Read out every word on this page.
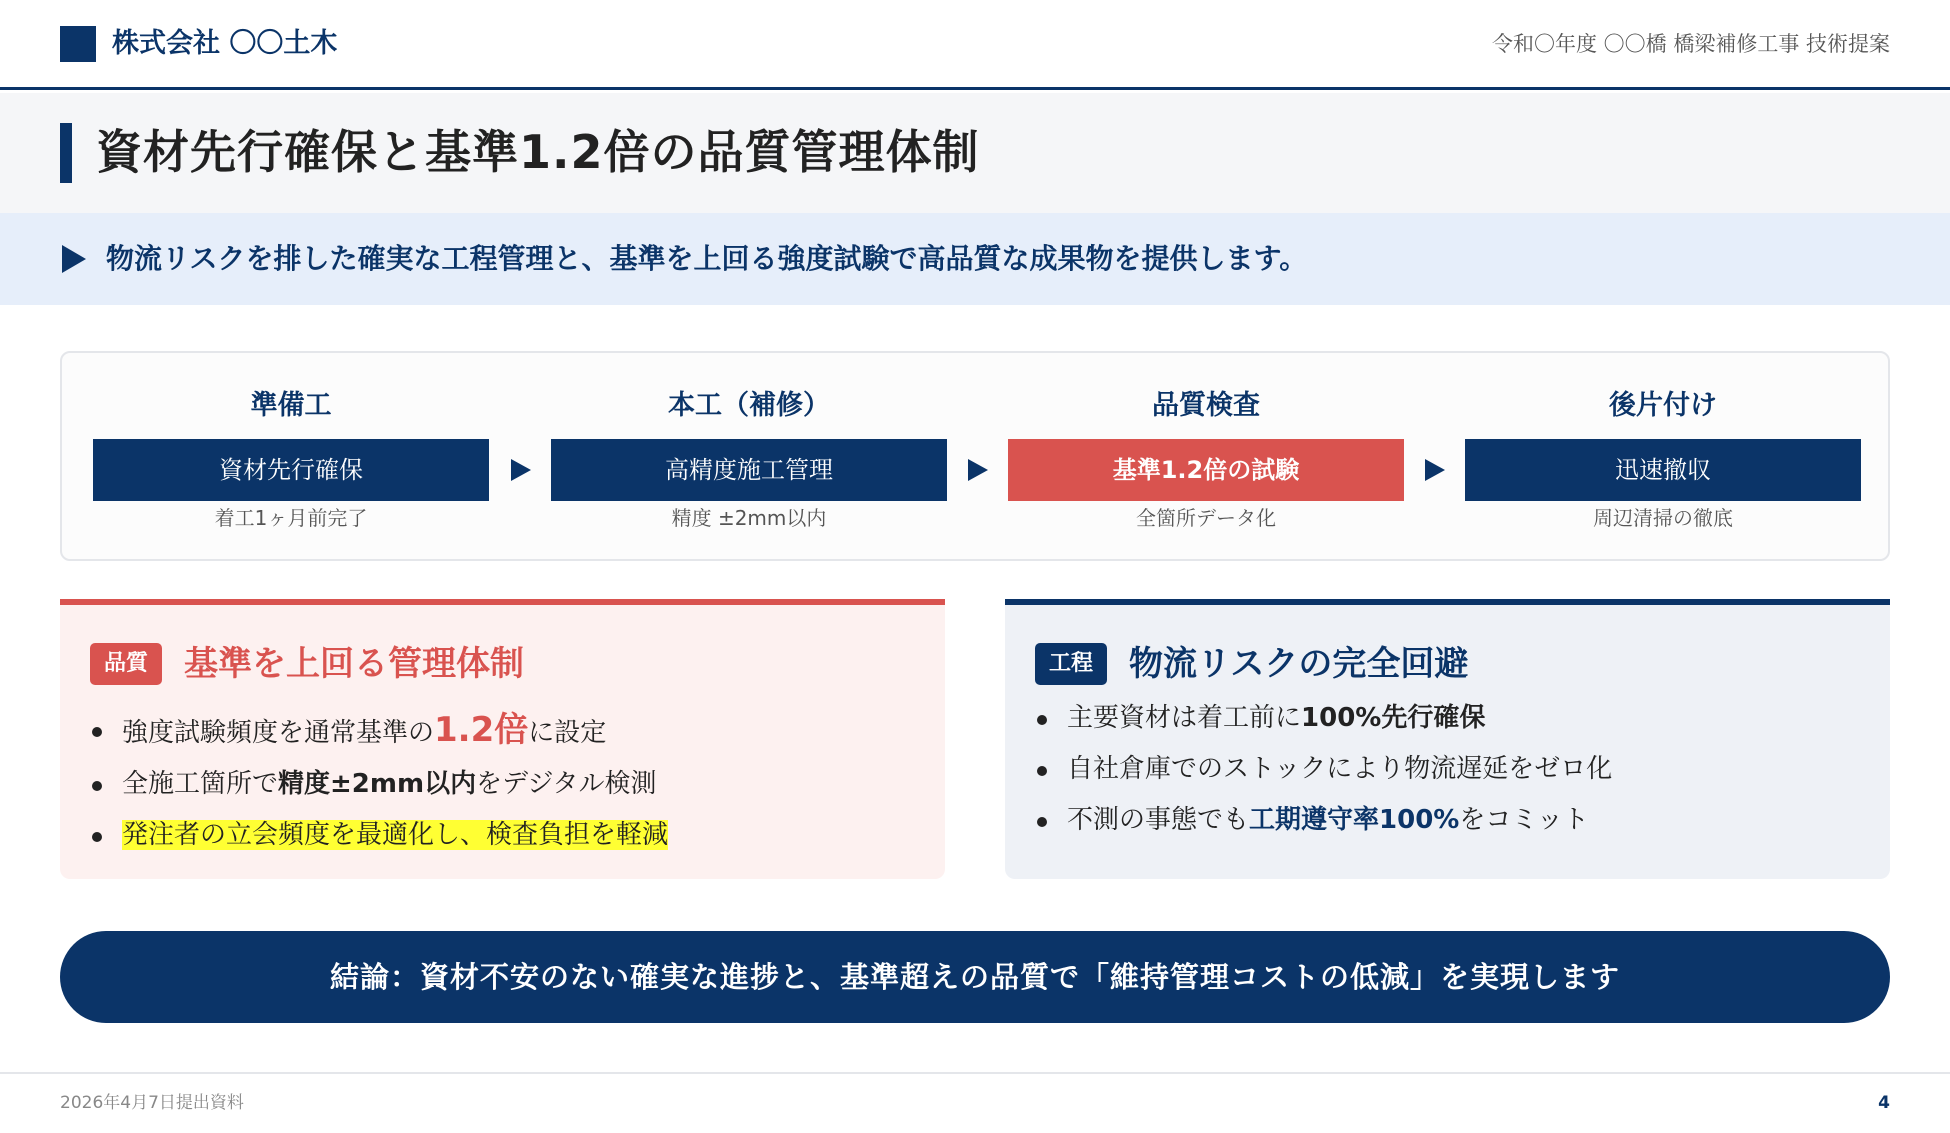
株式会社 〇〇土木	令和〇年度 〇〇橋 橋梁補修工事 技術提案
資材先行確保と基準1.2倍の品質管理体制
物流リスクを排した確実な工程管理と、基準を上回る強度試験で高品質な成果物を提供します。
準備工
資材先行確保
着工1ヶ月前完了
本工（補修）
高精度施工管理
精度 ±2mm以内
品質検査
基準1.2倍の試験
全箇所データ化
後片付け
迅速撤収
周辺清掃の徹底
品質	基準を上回る管理体制
強度試験頻度を通常基準の1.2倍に設定
全施工箇所で精度±2mm以内をデジタル検測
発注者の立会頻度を最適化し、検査負担を軽減
工程	物流リスクの完全回避
主要資材は着工前に100%先行確保
自社倉庫でのストックにより物流遅延をゼロ化
不測の事態でも工期遵守率100%をコミット
結論：資材不安のない確実な進捗と、基準超えの品質で「維持管理コストの低減」を実現します
2026年4月7日提出資料	4
